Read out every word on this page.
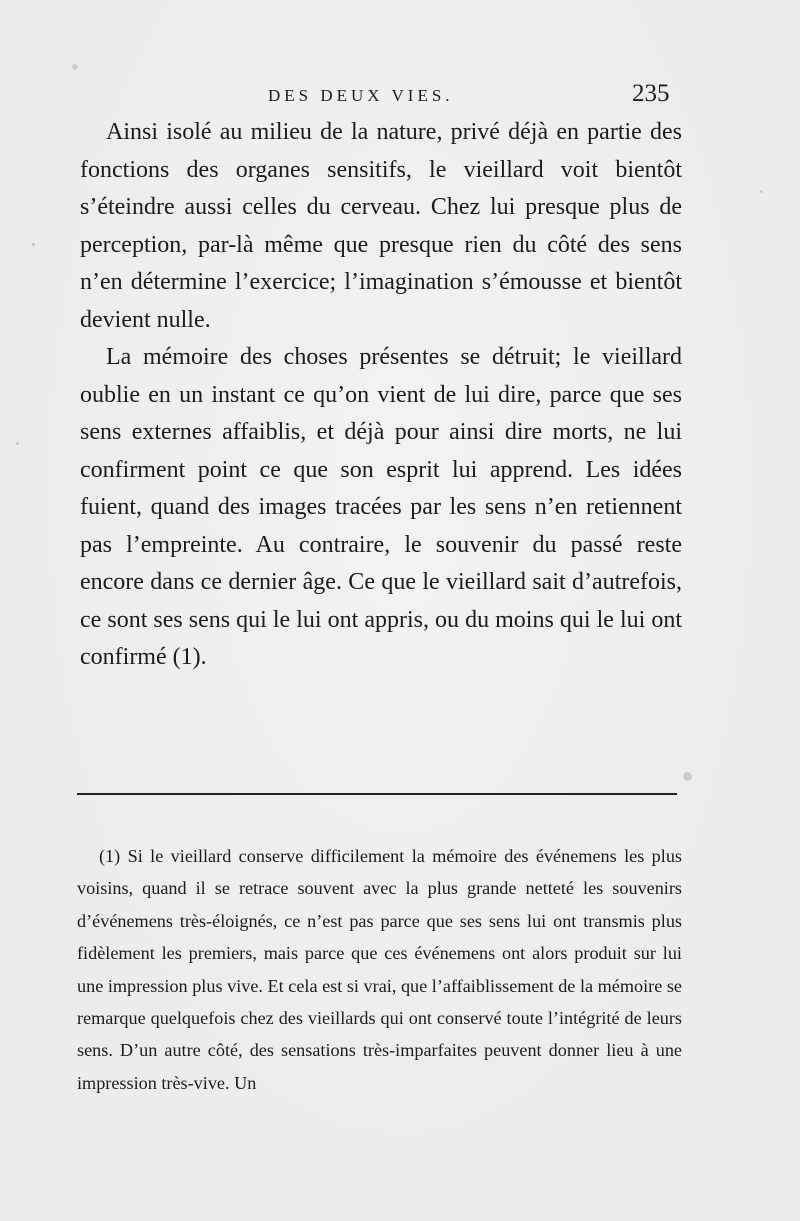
DES DEUX VIES.	235

Ainsi isolé au milieu de la nature, privé déjà en partie des fonctions des organes sensitifs, le vieillard voit bientôt s’éteindre aussi celles du cerveau. Chez lui presque plus de perception, par-là même que presque rien du côté des sens n’en détermine l’exercice; l’imagination s’émousse et bientôt devient nulle.

La mémoire des choses présentes se détruit; le vieillard oublie en un instant ce qu’on vient de lui dire, parce que ses sens externes affaiblis, et déjà pour ainsi dire morts, ne lui confirment point ce que son esprit lui apprend. Les idées fuient, quand des images tracées par les sens n’en retiennent pas l’empreinte. Au contraire, le souvenir du passé reste encore dans ce dernier âge. Ce que le vieillard sait d’autrefois, ce sont ses sens qui le lui ont appris, ou du moins qui le lui ont confirmé (1).

(1) Si le vieillard conserve difficilement la mémoire des événemens les plus voisins, quand il se retrace souvent avec la plus grande netteté les souvenirs d’événemens très-éloignés, ce n’est pas parce que ses sens lui ont transmis plus fidèlement les premiers, mais parce que ces événemens ont alors produit sur lui une impression plus vive. Et cela est si vrai, que l’affaiblissement de la mémoire se remarque quelquefois chez des vieillards qui ont conservé toute l’intégrité de leurs sens. D’un autre côté, des sensations très-imparfaites peuvent donner lieu à une impression très-vive. Un
